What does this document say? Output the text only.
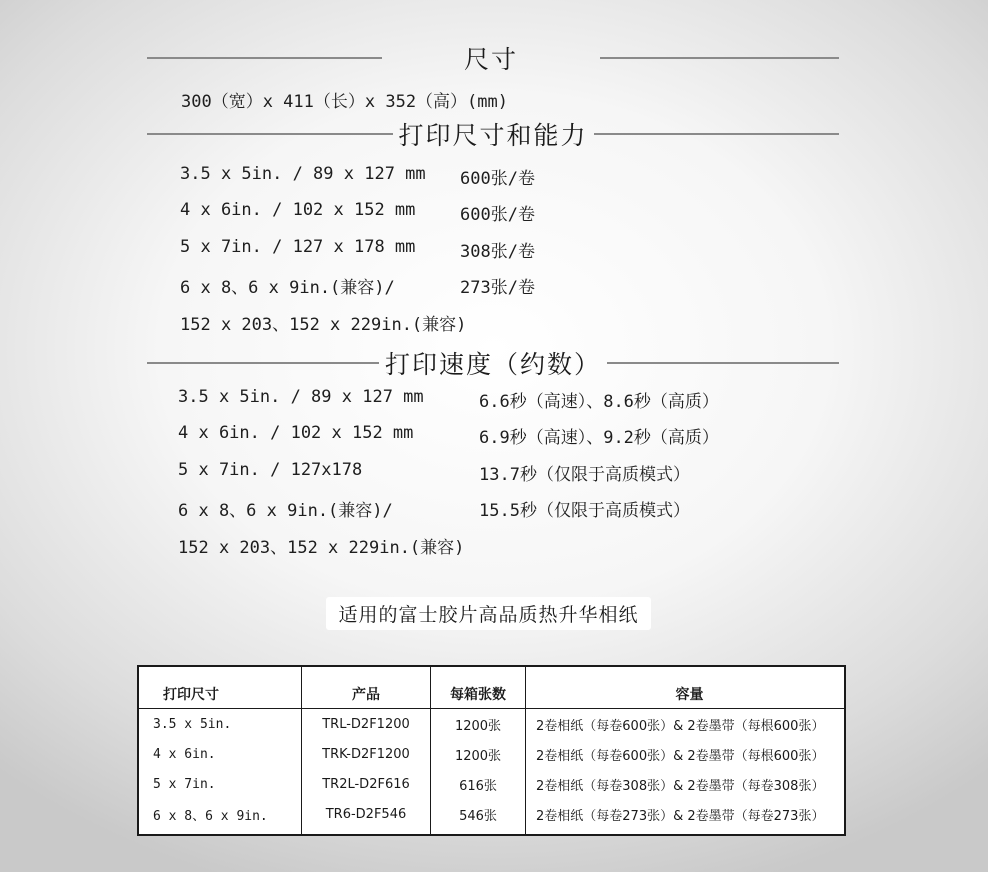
尺寸
300（宽）x 411（长）x 352（高）(mm)
打印尺寸和能力
3.5 x 5in. / 89 x 127 mm 600张/卷
4 x 6in. / 102 x 152 mm	600张/卷
5 x 7in. / 127 x 178 mm	308张/卷
6 x 8、6 x 9in.(兼容)/	273张/卷
152 x 203、152 x 229in.(兼容)
打印速度（约数）
3.5 x 5in. / 89 x 127 mm	6.6秒（高速）、8.6秒（高质）
4 x 6in. / 102 x 152 mm	6.9秒（高速）、9.2秒（高质）
5 x 7in. / 127x178	13.7秒（仅限于高质模式）
6 x 8、6 x 9in.(兼容)/	15.5秒（仅限于高质模式）
152 x 203、152 x 229in.(兼容)
适用的富士胶片高品质热升华相纸
打印尺寸	产品	每箱张数	容量
3.5 x 5in.	TRL-D2F1200	1200张	2卷相纸（每卷600张）& 2卷墨带（每根600张）
4 x 6in.	TRK-D2F1200	1200张	2卷相纸（每卷600张）& 2卷墨带（每根600张）
5 x 7in.	TR2L-D2F616	616张	2卷相纸（每卷308张）& 2卷墨带（每卷308张）
6 x 8、6 x 9in.	TR6-D2F546	546张	2卷相纸（每卷273张）& 2卷墨带（每卷273张）
